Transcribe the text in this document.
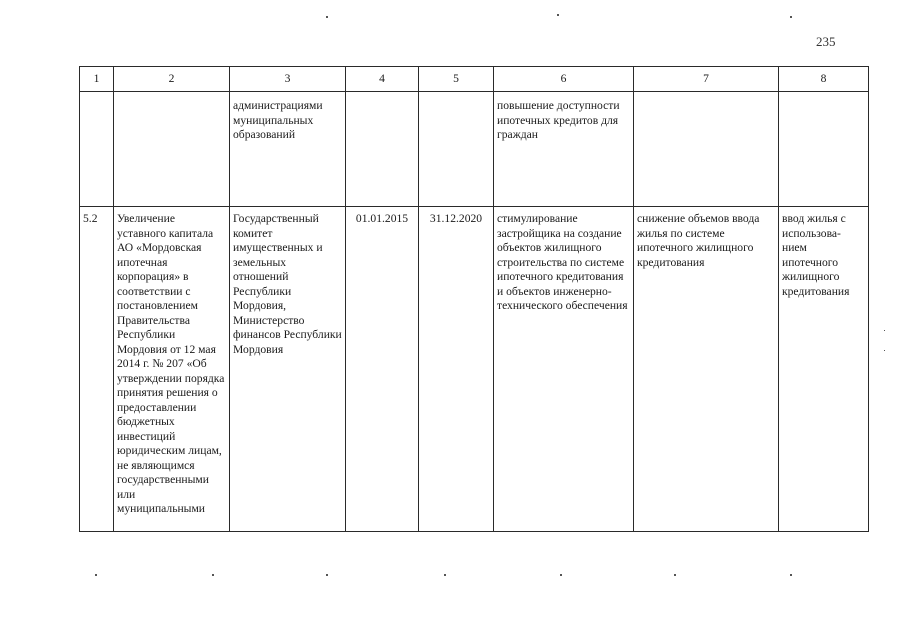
235
1	2	3	4	5	6	7	8
		администрациями муниципальных образований			повышение доступности ипотечных кредитов для граждан		
5.2	Увеличение уставного капитала АО «Мордовская ипотечная корпорация» в соответствии с постановлением Правительства Республики Мордовия от 12 мая 2014 г. № 207 «Об утверждении порядка принятия решения о предоставлении бюджетных инвестиций юридическим лицам, не являющимся государственными или муниципальными	Государственный комитет имущественных и земельных отношений Республики Мордовия, Министерство финансов Республики Мордовия	01.01.2015	31.12.2020	стимулирование застройщика на создание объектов жилищного строительства по системе ипотечного кредитования и объектов инженерно-технического обеспечения	снижение объемов ввода жилья по системе ипотечного жилищного кредитования	ввод жилья с использова-нием ипотечного жилищного кредитования
